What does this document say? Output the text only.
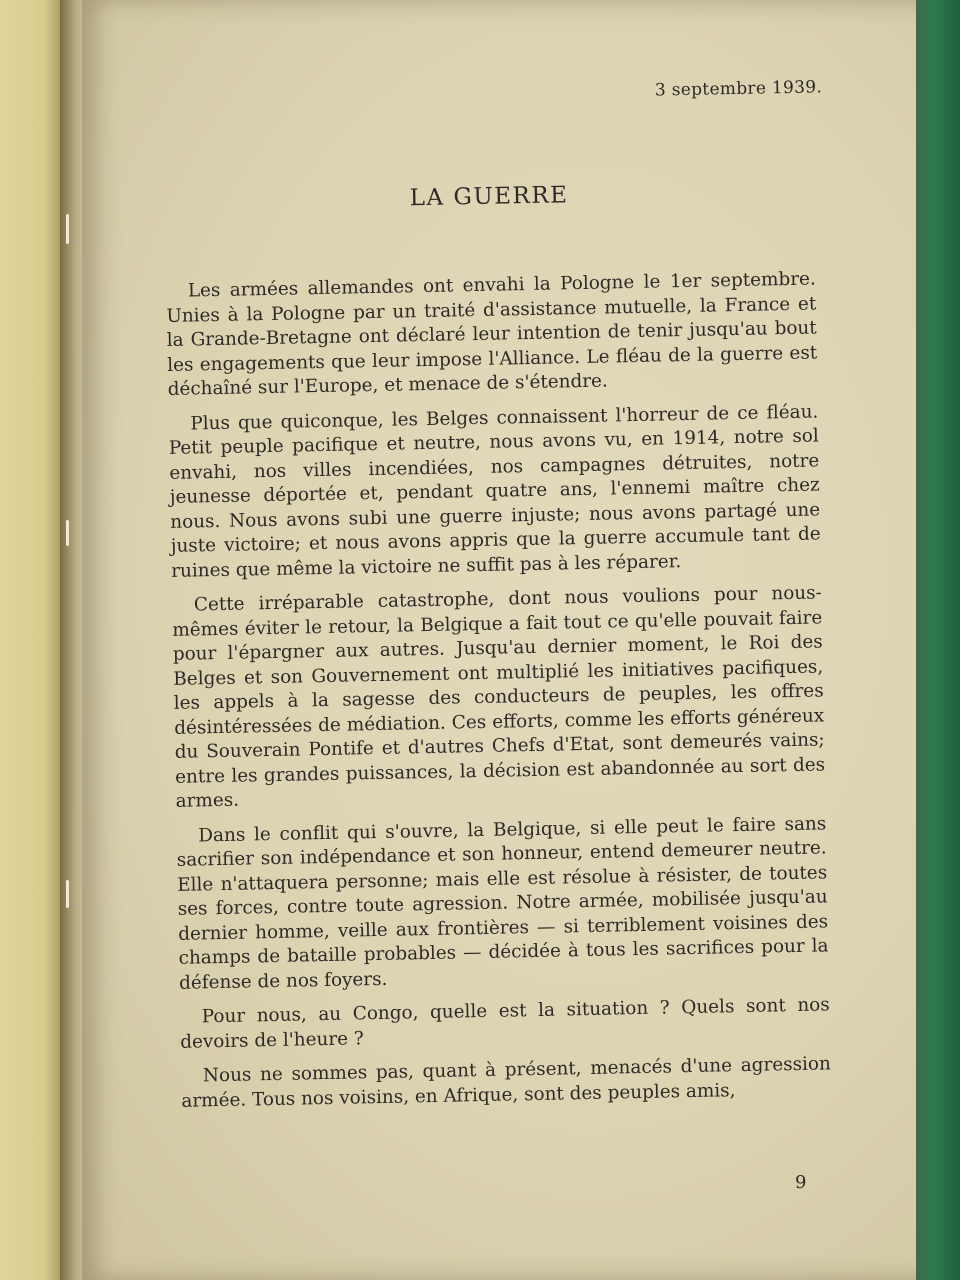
3 septembre 1939.
LA GUERRE

Les armées allemandes ont envahi la Pologne le 1er septembre. Unies à la Pologne par un traité d'assistance mutuelle, la France et la Grande-Bretagne ont déclaré leur intention de tenir jusqu'au bout les engagements que leur impose l'Alliance. Le fléau de la guerre est déchaîné sur l'Europe, et menace de s'étendre.

Plus que quiconque, les Belges connaissent l'horreur de ce fléau. Petit peuple pacifique et neutre, nous avons vu, en 1914, notre sol envahi, nos villes incendiées, nos campagnes détruites, notre jeunesse déportée et, pendant quatre ans, l'ennemi maître chez nous. Nous avons subi une guerre injuste; nous avons partagé une juste victoire; et nous avons appris que la guerre accumule tant de ruines que même la victoire ne suffit pas à les réparer.

Cette irréparable catastrophe, dont nous voulions pour nous-mêmes éviter le retour, la Belgique a fait tout ce qu'elle pouvait faire pour l'épargner aux autres. Jusqu'au dernier moment, le Roi des Belges et son Gouvernement ont multiplié les initiatives pacifiques, les appels à la sagesse des conducteurs de peuples, les offres désintéressées de médiation. Ces efforts, comme les efforts généreux du Souverain Pontife et d'autres Chefs d'Etat, sont demeurés vains; entre les grandes puissances, la décision est abandonnée au sort des armes.

Dans le conflit qui s'ouvre, la Belgique, si elle peut le faire sans sacrifier son indépendance et son honneur, entend demeurer neutre. Elle n'attaquera personne; mais elle est résolue à résister, de toutes ses forces, contre toute agression. Notre armée, mobilisée jusqu'au dernier homme, veille aux frontières — si terriblement voisines des champs de bataille probables — décidée à tous les sacrifices pour la défense de nos foyers.

Pour nous, au Congo, quelle est la situation ? Quels sont nos devoirs de l'heure ?

Nous ne sommes pas, quant à présent, menacés d'une agression armée. Tous nos voisins, en Afrique, sont des peuples amis,

9
